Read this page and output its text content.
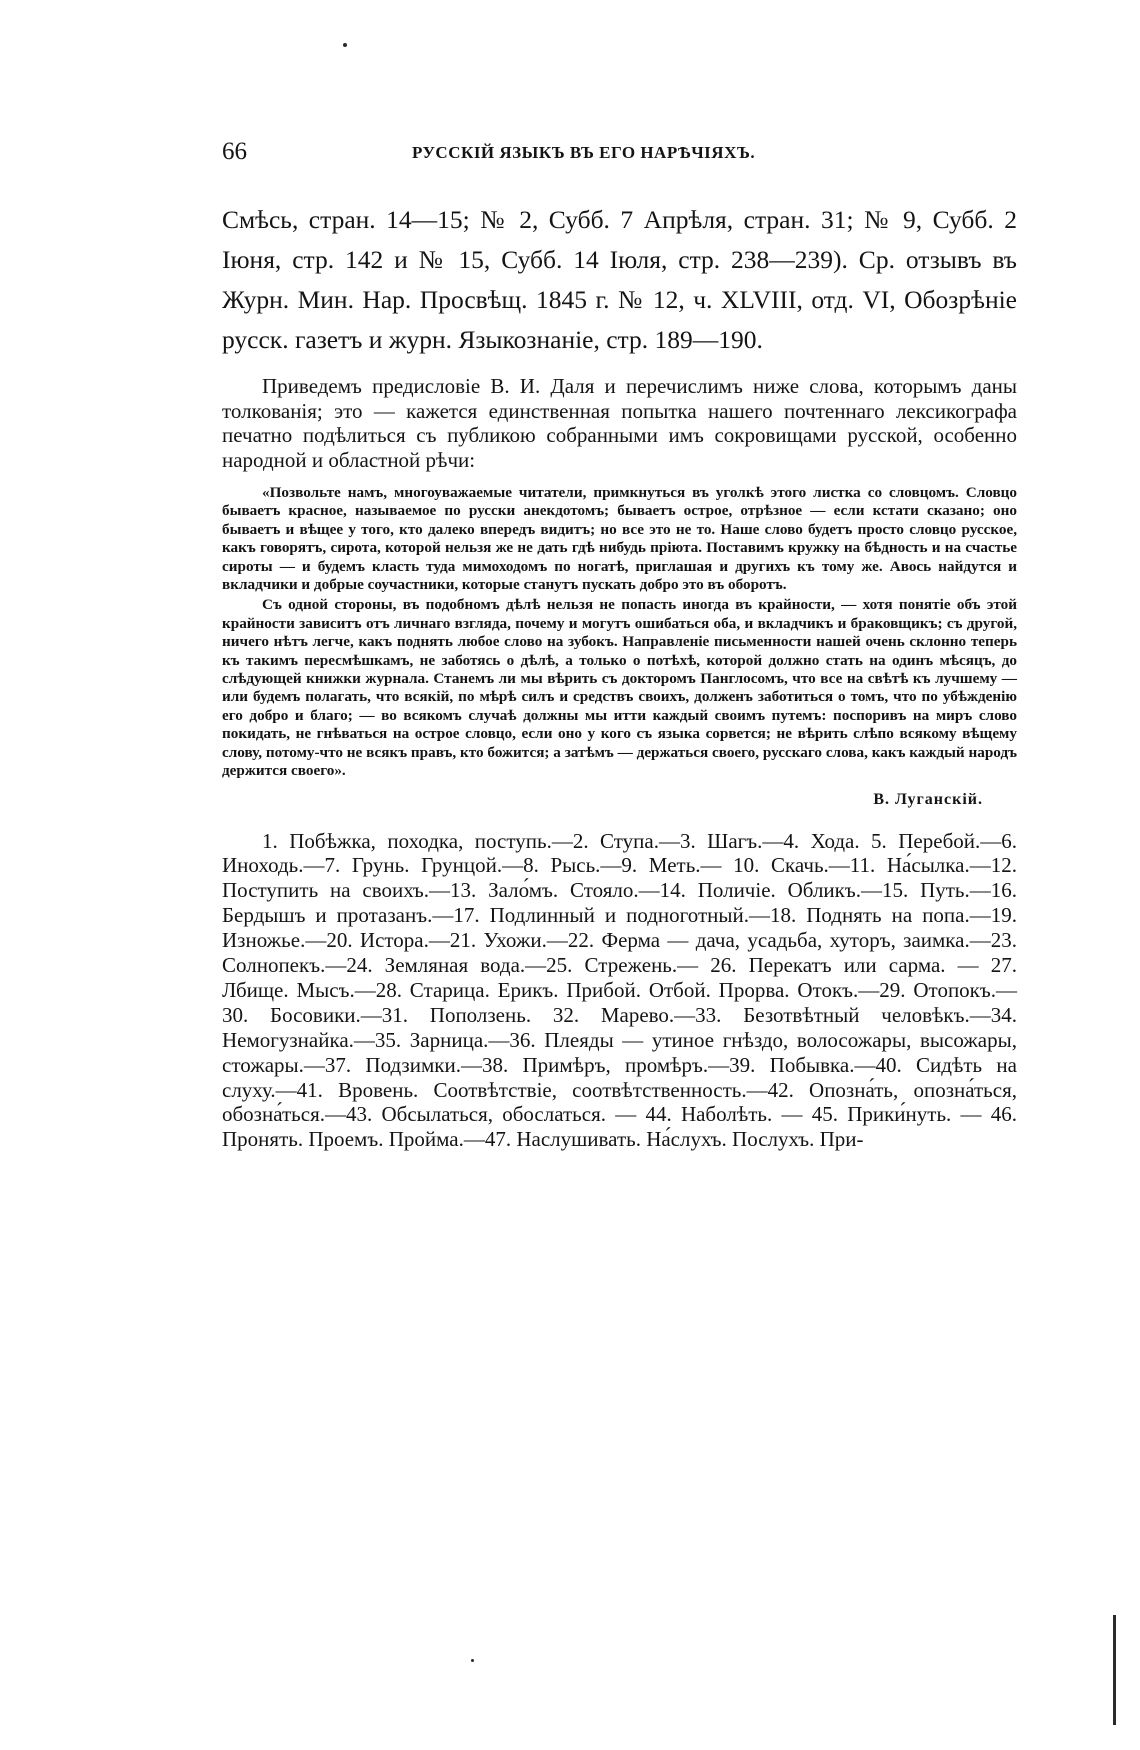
66	РУССКІЙ ЯЗЫКЪ ВЪ ЕГО НАРѢЧІЯХЪ.

Смѣсь, стран. 14—15; № 2, Субб. 7 Апрѣля, стран. 31; № 9, Субб. 2 Іюня, стр. 142 и № 15, Субб. 14 Іюля, стр. 238—239). Ср. отзывъ въ Журн. Мин. Нар. Просвѣщ. 1845 г. № 12, ч. XLVIII, отд. VI, Обозрѣніе русск. газетъ и журн. Языкознаніе, стр. 189—190.

Приведемъ предисловіе В. И. Даля и перечислимъ ниже слова, которымъ даны толкованія; это — кажется единственная попытка нашего почтеннаго лексикографа печатно подѣлиться съ публикою собранными имъ сокровищами русской, особенно народной и областной рѣчи:

«Позвольте намъ, многоуважаемые читатели, примкнуться въ уголкѣ этого листка со словцомъ. Словцо бываетъ красное, называемое по русски анекдотомъ; бываетъ острое, отрѣзное — если кстати сказано; оно бываетъ и вѣщее у того, кто далеко впередъ видитъ; но все это не то. Наше слово будетъ просто словцо русское, какъ говорятъ, сирота, которой нельзя же не дать гдѣ нибудь пріюта. Поставимъ кружку на бѣдность и на счастье сироты — и будемъ класть туда мимоходомъ по ногатѣ, приглашая и другихъ къ тому же. Авось найдутся и вкладчики и добрые соучастники, которые станутъ пускать добро это въ оборотъ.

Съ одной стороны, въ подобномъ дѣлѣ нельзя не попасть иногда въ крайности, — хотя понятіе объ этой крайности зависитъ отъ личнаго взгляда, почему и могутъ ошибаться оба, и вкладчикъ и браковщикъ; съ другой, ничего нѣтъ легче, какъ поднять любое слово на зубокъ. Направленіе письменности нашей очень склонно теперь къ такимъ пересмѣшкамъ, не заботясь о дѣлѣ, а только о потѣхѣ, которой должно стать на одинъ мѣсяцъ, до слѣдующей книжки журнала. Станемъ ли мы вѣрить съ докторомъ Панглосомъ, что все на свѣтѣ къ лучшему — или будемъ полагать, что всякій, по мѣрѣ силъ и средствъ своихъ, долженъ заботиться о томъ, что по убѣжденію его добро и благо; — во всякомъ случаѣ должны мы итти каждый своимъ путемъ: поспоривъ на миръ слово покидать, не гнѣваться на острое словцо, если оно у кого съ языка сорвется; не вѣрить слѣпо всякому вѣщему слову, потому-что не всякъ правъ, кто божится; а затѣмъ — держаться своего, русскаго слова, какъ каждый народъ держится своего».

В. Луганскій.

1. Побѣжка, походка, поступь.—2. Ступа.—3. Шагъ.—4. Хода. 5. Перебой.—6. Иноходь.—7. Грунь. Грунцой.—8. Рысь.—9. Меть.— 10. Скачь.—11. На́сылка.—12. Поступить на своихъ.—13. Зало́мъ. Стояло.—14. Поличіе. Обликъ.—15. Путь.—16. Бердышъ и протазанъ.—17. Подлинный и подноготный.—18. Поднять на попа.—19. Изножье.—20. Истора.—21. Ухожи.—22. Ферма — дача, усадьба, хуторъ, заимка.—23. Солнопекъ.—24. Земляная вода.—25. Стрежень.— 26. Перекатъ или сарма. — 27. Лбище. Мысъ.—28. Старица. Ерикъ. Прибой. Отбой. Прорва. Отокъ.—29. Отопокъ.—30. Босовики.—31. Поползень. 32. Марево.—33. Безотвѣтный человѣкъ.—34. Немогузнайка.—35. Зарница.—36. Плеяды — утиное гнѣздо, волосожары, высожары, стожары.—37. Подзимки.—38. Примѣръ, промѣръ.—39. Побывка.—40. Сидѣть на слуху.—41. Вровень. Соотвѣтствіе, соотвѣтственность.—42. Опозна́ть, опозна́ться, обозна́ться.—43. Обсылаться, обослаться. — 44. Наболѣть. — 45. Прики́нуть. — 46. Пронять. Проемъ. Пройма.—47. Наслушивать. На́слухъ. Послухъ. При-
